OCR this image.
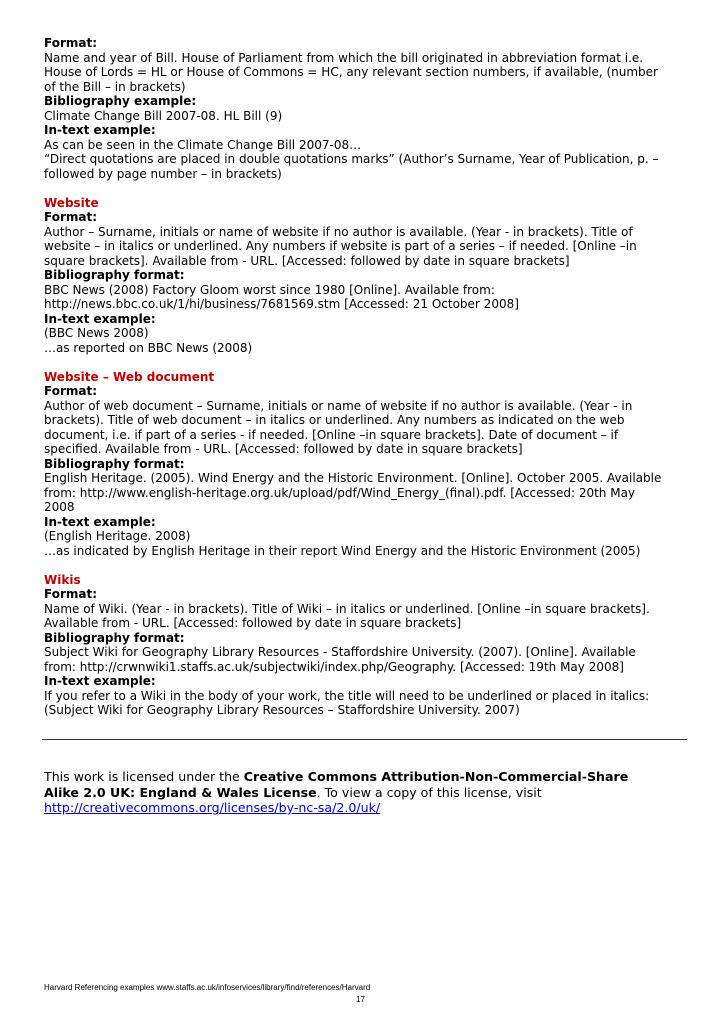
Format:
Name and year of Bill. House of Parliament from which the bill originated in abbreviation format i.e.
House of Lords = HL or House of Commons = HC, any relevant section numbers, if available, (number
of the Bill – in brackets)
Bibliography example:
Climate Change Bill 2007-08. HL Bill (9)
In-text example:
As can be seen in the Climate Change Bill 2007-08…
“Direct quotations are placed in double quotations marks” (Author’s Surname, Year of Publication, p. –
followed by page number – in brackets)
Website
Format:
Author – Surname, initials or name of website if no author is available. (Year - in brackets). Title of
website – in italics or underlined. Any numbers if website is part of a series – if needed. [Online –in
square brackets]. Available from - URL. [Accessed: followed by date in square brackets]
Bibliography format:
BBC News (2008) Factory Gloom worst since 1980 [Online]. Available from:
http://news.bbc.co.uk/1/hi/business/7681569.stm [Accessed: 21 October 2008]
In-text example:
(BBC News 2008)
…as reported on BBC News (2008)
Website – Web document
Format:
Author of web document – Surname, initials or name of website if no author is available. (Year - in
brackets). Title of web document – in italics or underlined. Any numbers as indicated on the web
document, i.e. if part of a series - if needed. [Online –in square brackets]. Date of document – if
specified. Available from - URL. [Accessed: followed by date in square brackets]
Bibliography format:
English Heritage. (2005). Wind Energy and the Historic Environment. [Online]. October 2005. Available
from: http://www.english-heritage.org.uk/upload/pdf/Wind_Energy_(final).pdf. [Accessed: 20th May
2008
In-text example:
(English Heritage. 2008)
…as indicated by English Heritage in their report Wind Energy and the Historic Environment (2005)
Wikis
Format:
Name of Wiki. (Year - in brackets). Title of Wiki – in italics or underlined. [Online –in square brackets].
Available from - URL. [Accessed: followed by date in square brackets]
Bibliography format:
Subject Wiki for Geography Library Resources - Staffordshire University. (2007). [Online]. Available
from: http://crwnwiki1.staffs.ac.uk/subjectwiki/index.php/Geography. [Accessed: 19th May 2008]
In-text example:
If you refer to a Wiki in the body of your work, the title will need to be underlined or placed in italics:
(Subject Wiki for Geography Library Resources – Staffordshire University. 2007)
This work is licensed under the Creative Commons Attribution-Non-Commercial-Share
Alike 2.0 UK: England & Wales License. To view a copy of this license, visit
http://creativecommons.org/licenses/by-nc-sa/2.0/uk/
Harvard Referencing examples www.staffs.ac.uk/infoservices/library/find/references/Harvard
17
